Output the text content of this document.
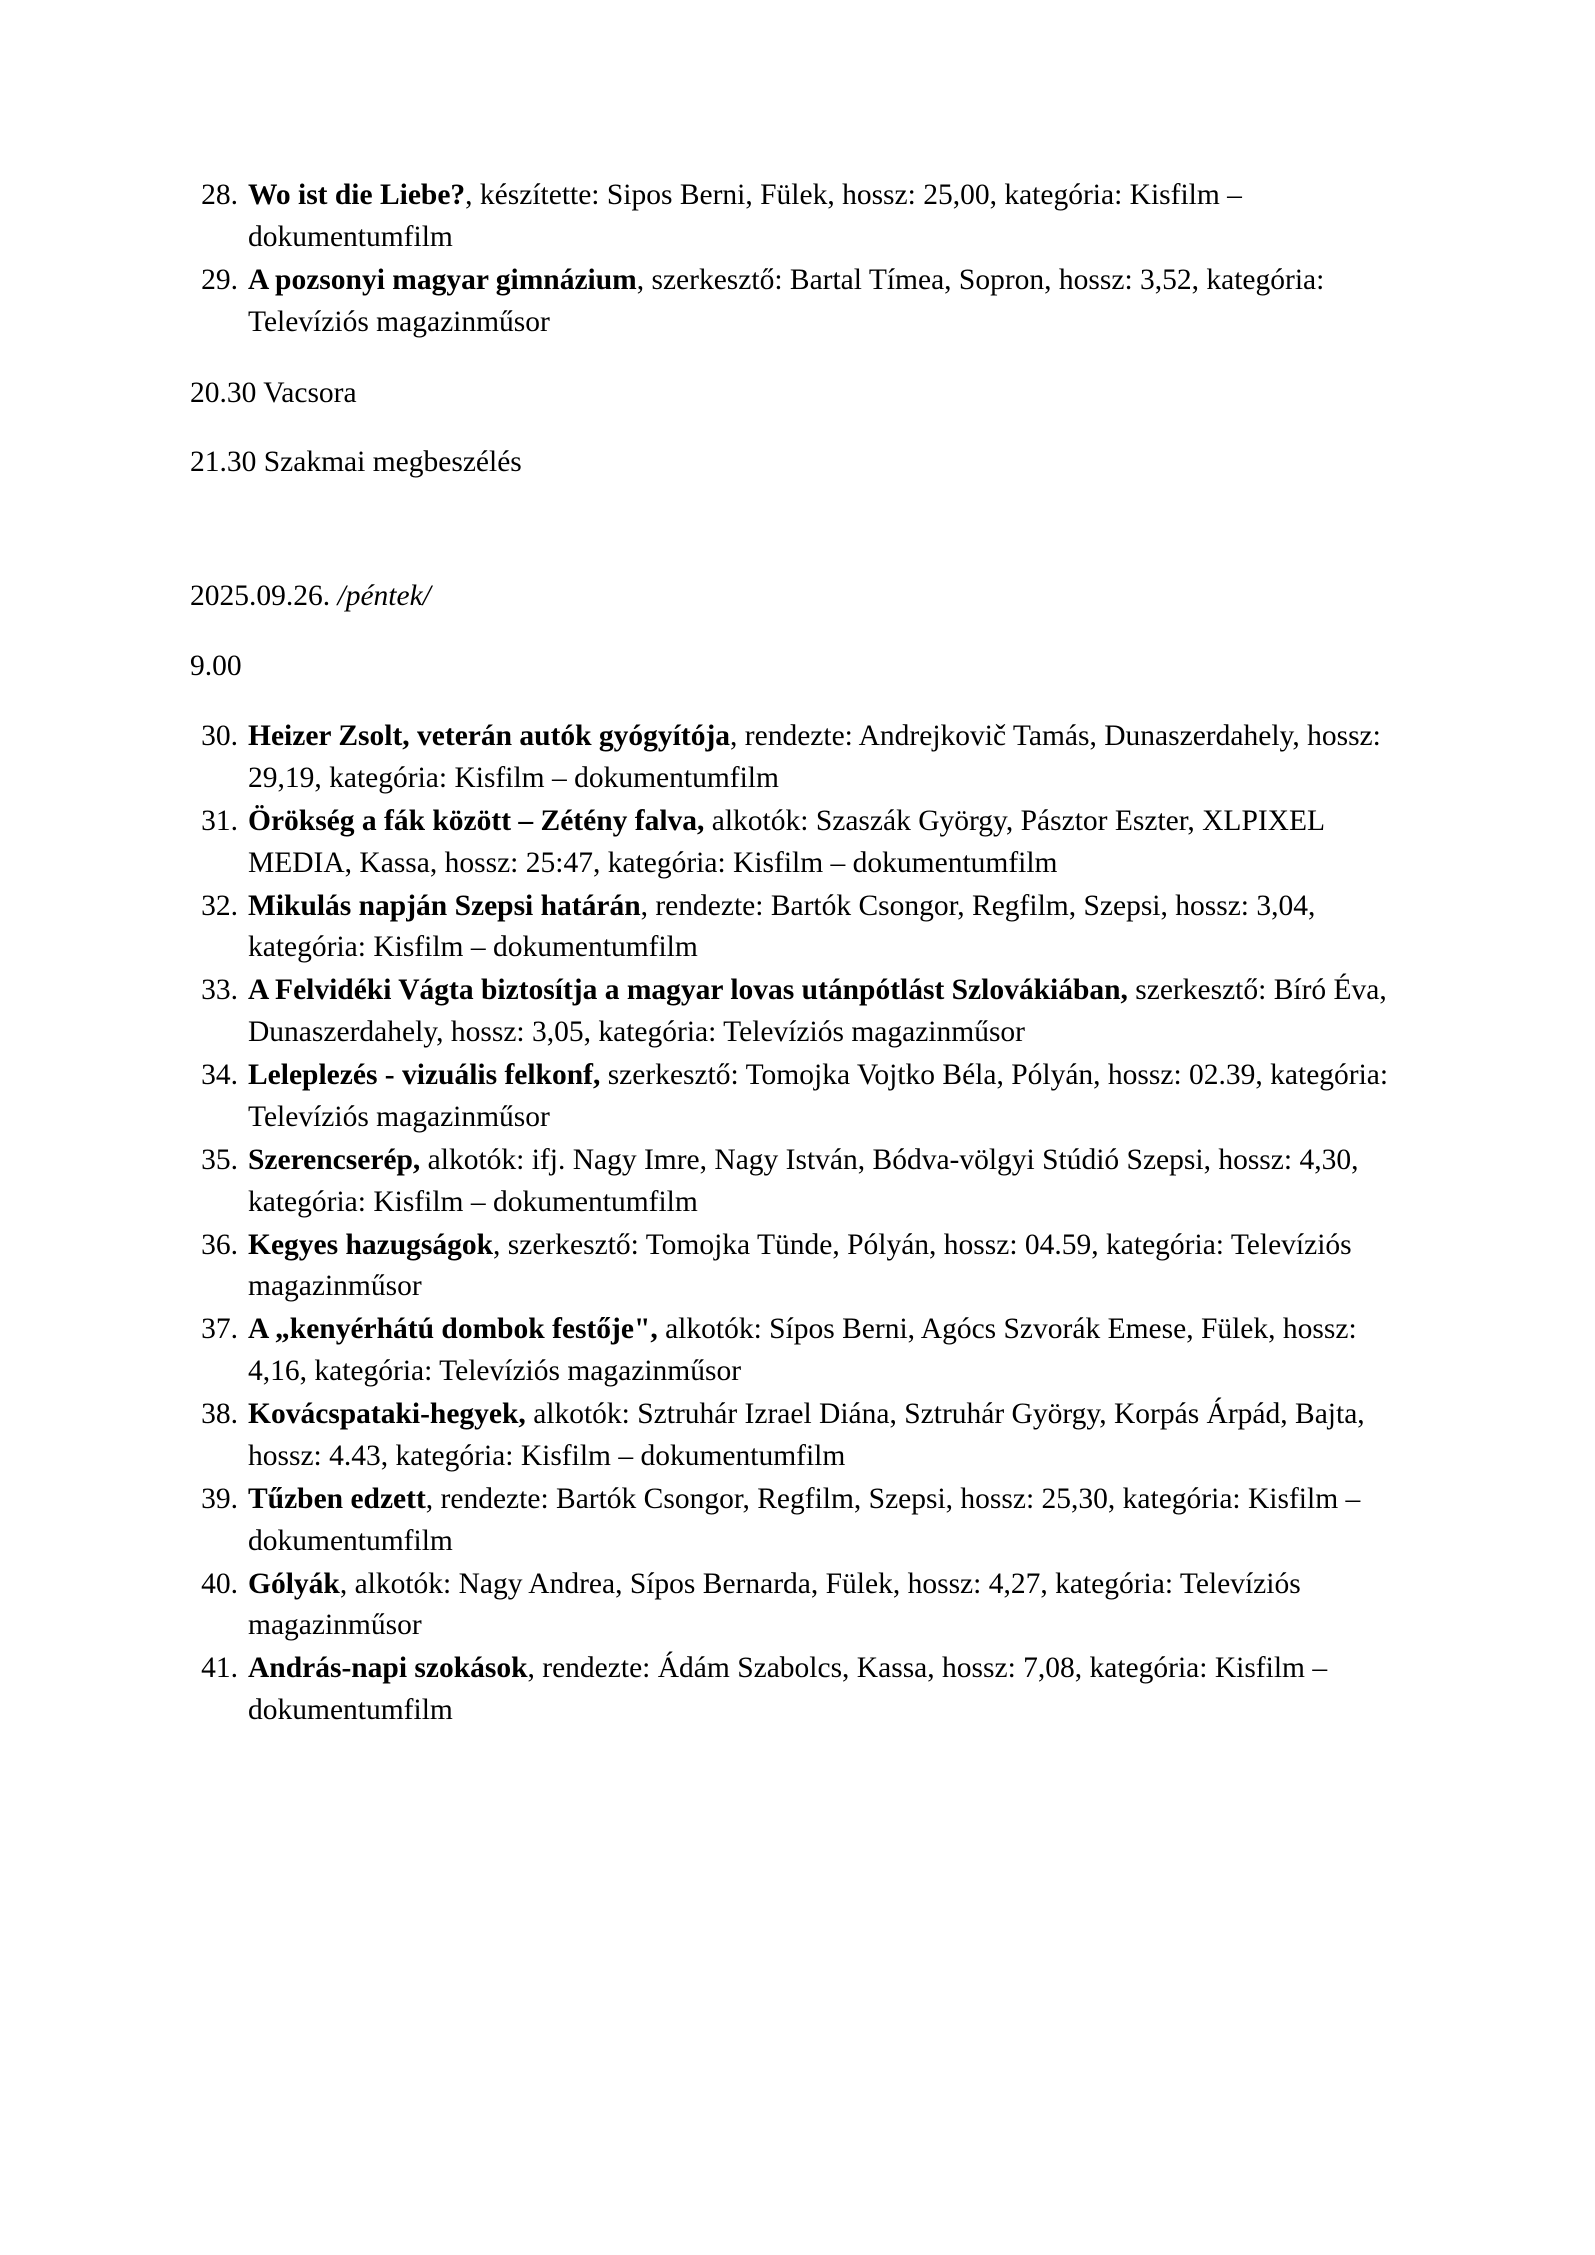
28. Wo ist die Liebe?, készítette: Sipos Berni, Fülek, hossz: 25,00, kategória: Kisfilm – dokumentumfilm
29. A pozsonyi magyar gimnázium, szerkesztő: Bartal Tímea, Sopron, hossz: 3,52, kategória: Televíziós magazinműsor

20.30 Vacsora

21.30 Szakmai megbeszélés

2025.09.26. /péntek/

9.00

30. Heizer Zsolt, veterán autók gyógyítója, rendezte: Andrejkovič Tamás, Dunaszerdahely, hossz: 29,19, kategória: Kisfilm – dokumentumfilm
31. Örökség a fák között – Zétény falva, alkotók: Szaszák György, Pásztor Eszter, XLPIXEL MEDIA, Kassa, hossz: 25:47, kategória: Kisfilm – dokumentumfilm
32. Mikulás napján Szepsi határán, rendezte: Bartók Csongor, Regfilm, Szepsi, hossz: 3,04, kategória: Kisfilm – dokumentumfilm
33. A Felvidéki Vágta biztosítja a magyar lovas utánpótlást Szlovákiában, szerkesztő: Bíró Éva, Dunaszerdahely, hossz: 3,05, kategória: Televíziós magazinműsor
34. Leleplezés - vizuális felkonf, szerkesztő: Tomojka Vojtko Béla, Pólyán, hossz: 02.39, kategória: Televíziós magazinműsor
35. Szerencserép, alkotók: ifj. Nagy Imre, Nagy István, Bódva-völgyi Stúdió Szepsi, hossz: 4,30, kategória: Kisfilm – dokumentumfilm
36. Kegyes hazugságok, szerkesztő: Tomojka Tünde, Pólyán, hossz: 04.59, kategória: Televíziós magazinműsor
37. A „kenyérhátú dombok festője", alkotók: Sípos Berni, Agócs Szvorák Emese, Fülek, hossz: 4,16, kategória: Televíziós magazinműsor
38. Kovácspataki-hegyek, alkotók: Sztruhár Izrael Diána, Sztruhár György, Korpás Árpád, Bajta, hossz: 4.43, kategória: Kisfilm – dokumentumfilm
39. Tűzben edzett, rendezte: Bartók Csongor, Regfilm, Szepsi, hossz: 25,30, kategória: Kisfilm – dokumentumfilm
40. Gólyák, alkotók: Nagy Andrea, Sípos Bernarda, Fülek, hossz: 4,27, kategória: Televíziós magazinműsor
41. András-napi szokások, rendezte: Ádám Szabolcs, Kassa, hossz: 7,08, kategória: Kisfilm – dokumentumfilm
